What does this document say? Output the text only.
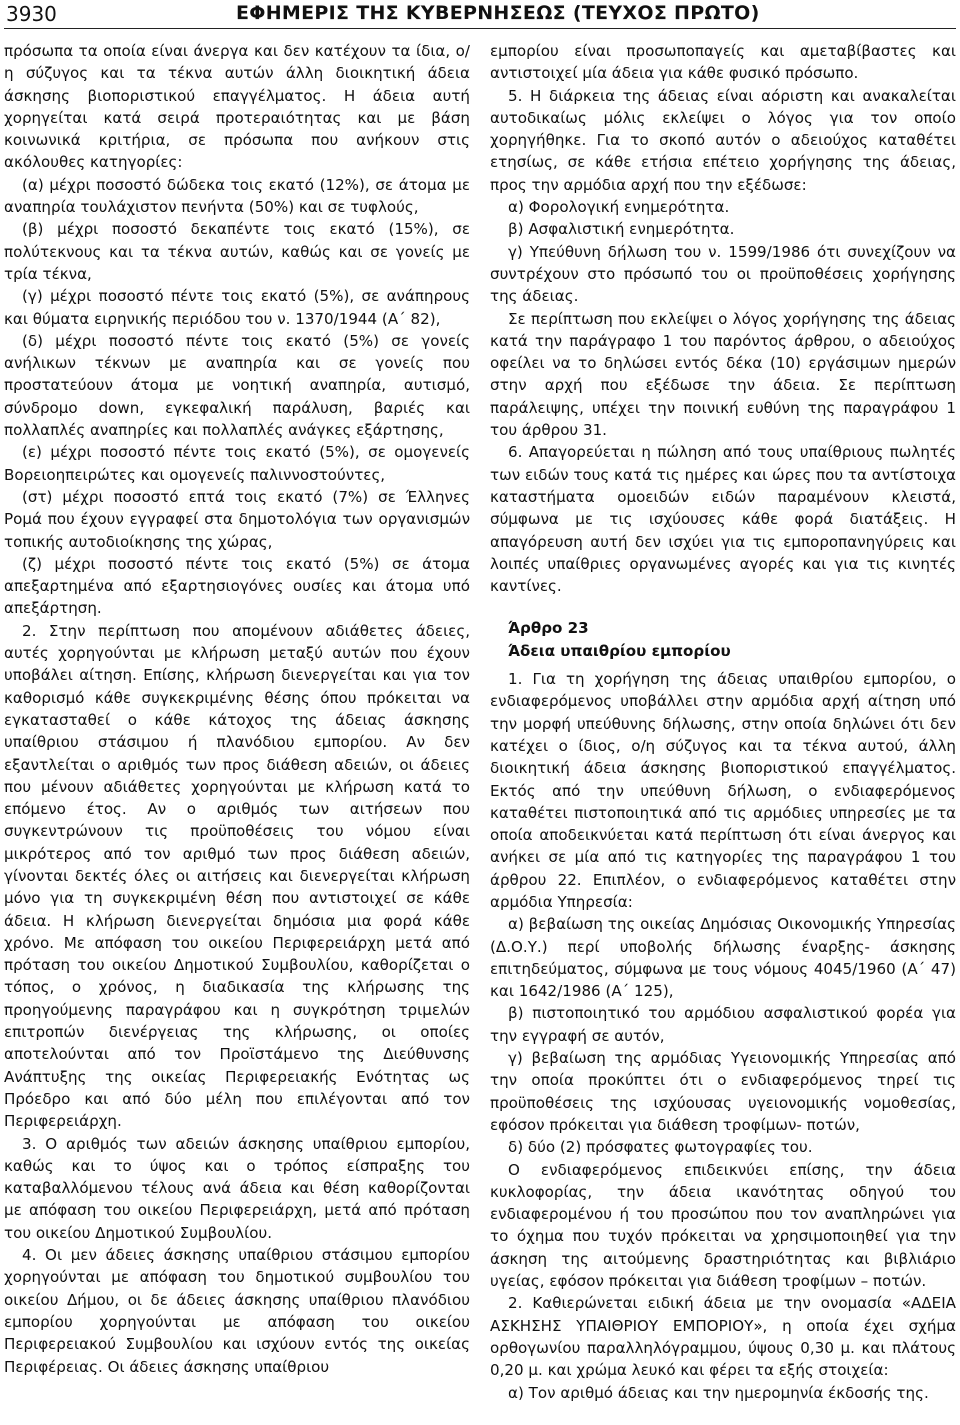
3930	ΕΦΗΜΕΡΙΣ ΤΗΣ ΚΥΒΕΡΝΗΣΕΩΣ (ΤΕΥΧΟΣ ΠΡΩΤΟ)

πρόσωπα τα οποία είναι άνεργα και δεν κατέχουν τα ίδια, ο/η σύζυγος και τα τέκνα αυτών άλλη διοικητική άδεια άσκησης βιοποριστικού επαγγέλματος. Η άδεια αυτή χορηγείται κατά σειρά προτεραιότητας και με βάση κοινωνικά κριτήρια, σε πρόσωπα που ανήκουν στις ακόλουθες κατηγορίες:

(α) μέχρι ποσοστό δώδεκα τοις εκατό (12%), σε άτομα με αναπηρία τουλάχιστον πενήντα (50%) και σε τυφλούς,

(β) μέχρι ποσοστό δεκαπέντε τοις εκατό (15%), σε πολύτεκνους και τα τέκνα αυτών, καθώς και σε γονείς με τρία τέκνα,

(γ) μέχρι ποσοστό πέντε τοις εκατό (5%), σε ανάπηρους και θύματα ειρηνικής περιόδου του ν. 1370/1944 (Α΄ 82),

(δ) μέχρι ποσοστό πέντε τοις εκατό (5%) σε γονείς ανήλικων τέκνων με αναπηρία και σε γονείς που προστατεύουν άτομα με νοητική αναπηρία, αυτισμό, σύνδρομο down, εγκεφαλική παράλυση, βαριές και πολλαπλές αναπηρίες και πολλαπλές ανάγκες εξάρτησης,

(ε) μέχρι ποσοστό πέντε τοις εκατό (5%), σε ομογενείς Βορειοηπειρώτες και ομογενείς παλιννοστούντες,

(στ) μέχρι ποσοστό επτά τοις εκατό (7%) σε Έλληνες Ρομά που έχουν εγγραφεί στα δημοτολόγια των οργανισμών τοπικής αυτοδιοίκησης της χώρας,

(ζ) μέχρι ποσοστό πέντε τοις εκατό (5%) σε άτομα απεξαρτημένα από εξαρτησιογόνες ουσίες και άτομα υπό απεξάρτηση.

2. Στην περίπτωση που απομένουν αδιάθετες άδειες, αυτές χορηγούνται με κλήρωση μεταξύ αυτών που έχουν υποβάλει αίτηση. Επίσης, κλήρωση διενεργείται και για τον καθορισμό κάθε συγκεκριμένης θέσης όπου πρόκειται να εγκατασταθεί ο κάθε κάτοχος της άδειας άσκησης υπαίθριου στάσιμου ή πλανόδιου εμπορίου. Αν δεν εξαντλείται ο αριθμός των προς διάθεση αδειών, οι άδειες που μένουν αδιάθετες χορηγούνται με κλήρωση κατά το επόμενο έτος. Αν ο αριθμός των αιτήσεων που συγκεντρώνουν τις προϋποθέσεις του νόμου είναι μικρότερος από τον αριθμό των προς διάθεση αδειών, γίνονται δεκτές όλες οι αιτήσεις και διενεργείται κλήρωση μόνο για τη συγκεκριμένη θέση που αντιστοιχεί σε κάθε άδεια. Η κλήρωση διενεργείται δημόσια μια φορά κάθε χρόνο. Με απόφαση του οικείου Περιφερειάρχη μετά από πρόταση του οικείου Δημοτικού Συμβουλίου, καθορίζεται ο τόπος, ο χρόνος, η διαδικασία της κλήρωσης της προηγούμενης παραγράφου και η συγκρότηση τριμελών επιτροπών διενέργειας της κλήρωσης, οι οποίες αποτελούνται από τον Προϊστάμενο της Διεύθυνσης Ανάπτυξης της οικείας Περιφερειακής Ενότητας ως Πρόεδρο και από δύο μέλη που επιλέγονται από τον Περιφερειάρχη.

3. Ο αριθμός των αδειών άσκησης υπαίθριου εμπορίου, καθώς και το ύψος και ο τρόπος είσπραξης του καταβαλλόμενου τέλους ανά άδεια και θέση καθορίζονται με απόφαση του οικείου Περιφερειάρχη, μετά από πρόταση του οικείου Δημοτικού Συμβουλίου.

4. Οι μεν άδειες άσκησης υπαίθριου στάσιμου εμπορίου χορηγούνται με απόφαση του δημοτικού συμβουλίου του οικείου Δήμου, οι δε άδειες άσκησης υπαίθριου πλανόδιου εμπορίου χορηγούνται με απόφαση του οικείου Περιφερειακού Συμβουλίου και ισχύουν εντός της οικείας Περιφέρειας. Οι άδειες άσκησης υπαίθριου

εμπορίου είναι προσωποπαγείς και αμεταβίβαστες και αντιστοιχεί μία άδεια για κάθε φυσικό πρόσωπο.

5. Η διάρκεια της άδειας είναι αόριστη και ανακαλείται αυτοδικαίως μόλις εκλείψει ο λόγος για τον οποίο χορηγήθηκε. Για το σκοπό αυτόν ο αδειούχος καταθέτει ετησίως, σε κάθε ετήσια επέτειο χορήγησης της άδειας, προς την αρμόδια αρχή που την εξέδωσε:

α) Φορολογική ενημερότητα.

β) Ασφαλιστική ενημερότητα.

γ) Υπεύθυνη δήλωση του ν. 1599/1986 ότι συνεχίζουν να συντρέχουν στο πρόσωπό του οι προϋποθέσεις χορήγησης της άδειας.

Σε περίπτωση που εκλείψει ο λόγος χορήγησης της άδειας κατά την παράγραφο 1 του παρόντος άρθρου, ο αδειούχος οφείλει να το δηλώσει εντός δέκα (10) εργάσιμων ημερών στην αρχή που εξέδωσε την άδεια. Σε περίπτωση παράλειψης, υπέχει την ποινική ευθύνη της παραγράφου 1 του άρθρου 31.

6. Απαγορεύεται η πώληση από τους υπαίθριους πωλητές των ειδών τους κατά τις ημέρες και ώρες που τα αντίστοιχα καταστήματα ομοειδών ειδών παραμένουν κλειστά, σύμφωνα με τις ισχύουσες κάθε φορά διατάξεις. Η απαγόρευση αυτή δεν ισχύει για τις εμποροπανηγύρεις και λοιπές υπαίθριες οργανωμένες αγορές και για τις κινητές καντίνες.

Άρθρο 23

Άδεια υπαιθρίου εμπορίου

1. Για τη χορήγηση της άδειας υπαιθρίου εμπορίου, ο ενδιαφερόμενος υποβάλλει στην αρμόδια αρχή αίτηση υπό την μορφή υπεύθυνης δήλωσης, στην οποία δηλώνει ότι δεν κατέχει ο ίδιος, ο/η σύζυγος και τα τέκνα αυτού, άλλη διοικητική άδεια άσκησης βιοποριστικού επαγγέλματος. Εκτός από την υπεύθυνη δήλωση, ο ενδιαφερόμενος καταθέτει πιστοποιητικά από τις αρμόδιες υπηρεσίες με τα οποία αποδεικνύεται κατά περίπτωση ότι είναι άνεργος και ανήκει σε μία από τις κατηγορίες της παραγράφου 1 του άρθρου 22. Επιπλέον, ο ενδιαφερόμενος καταθέτει στην αρμόδια Υπηρεσία:

α) βεβαίωση της οικείας Δημόσιας Οικονομικής Υπηρεσίας (Δ.Ο.Υ.) περί υποβολής δήλωσης έναρξης- άσκησης επιτηδεύματος, σύμφωνα με τους νόμους 4045/1960 (Α΄ 47) και 1642/1986 (Α΄ 125),

β) πιστοποιητικό του αρμόδιου ασφαλιστικού φορέα για την εγγραφή σε αυτόν,

γ) βεβαίωση της αρμόδιας Υγειονομικής Υπηρεσίας από την οποία προκύπτει ότι ο ενδιαφερόμενος τηρεί τις προϋποθέσεις της ισχύουσας υγειονομικής νομοθεσίας, εφόσον πρόκειται για διάθεση τροφίμων- ποτών,

δ) δύο (2) πρόσφατες φωτογραφίες του.

Ο ενδιαφερόμενος επιδεικνύει επίσης, την άδεια κυκλοφορίας, την άδεια ικανότητας οδηγού του ενδιαφερομένου ή του προσώπου που τον αναπληρώνει για το όχημα που τυχόν πρόκειται να χρησιμοποιηθεί για την άσκηση της αιτούμενης δραστηριότητας και βιβλιάριο υγείας, εφόσον πρόκειται για διάθεση τροφίμων – ποτών.

2. Καθιερώνεται ειδική άδεια με την ονομασία «ΑΔΕΙΑ ΑΣΚΗΣΗΣ ΥΠΑΙΘΡΙΟΥ ΕΜΠΟΡΙΟΥ», η οποία έχει σχήμα ορθογωνίου παραλληλόγραμμου, ύψους 0,30 μ. και πλάτους 0,20 μ. και χρώμα λευκό και φέρει τα εξής στοιχεία:

α) Τον αριθμό άδειας και την ημερομηνία έκδοσής της.
